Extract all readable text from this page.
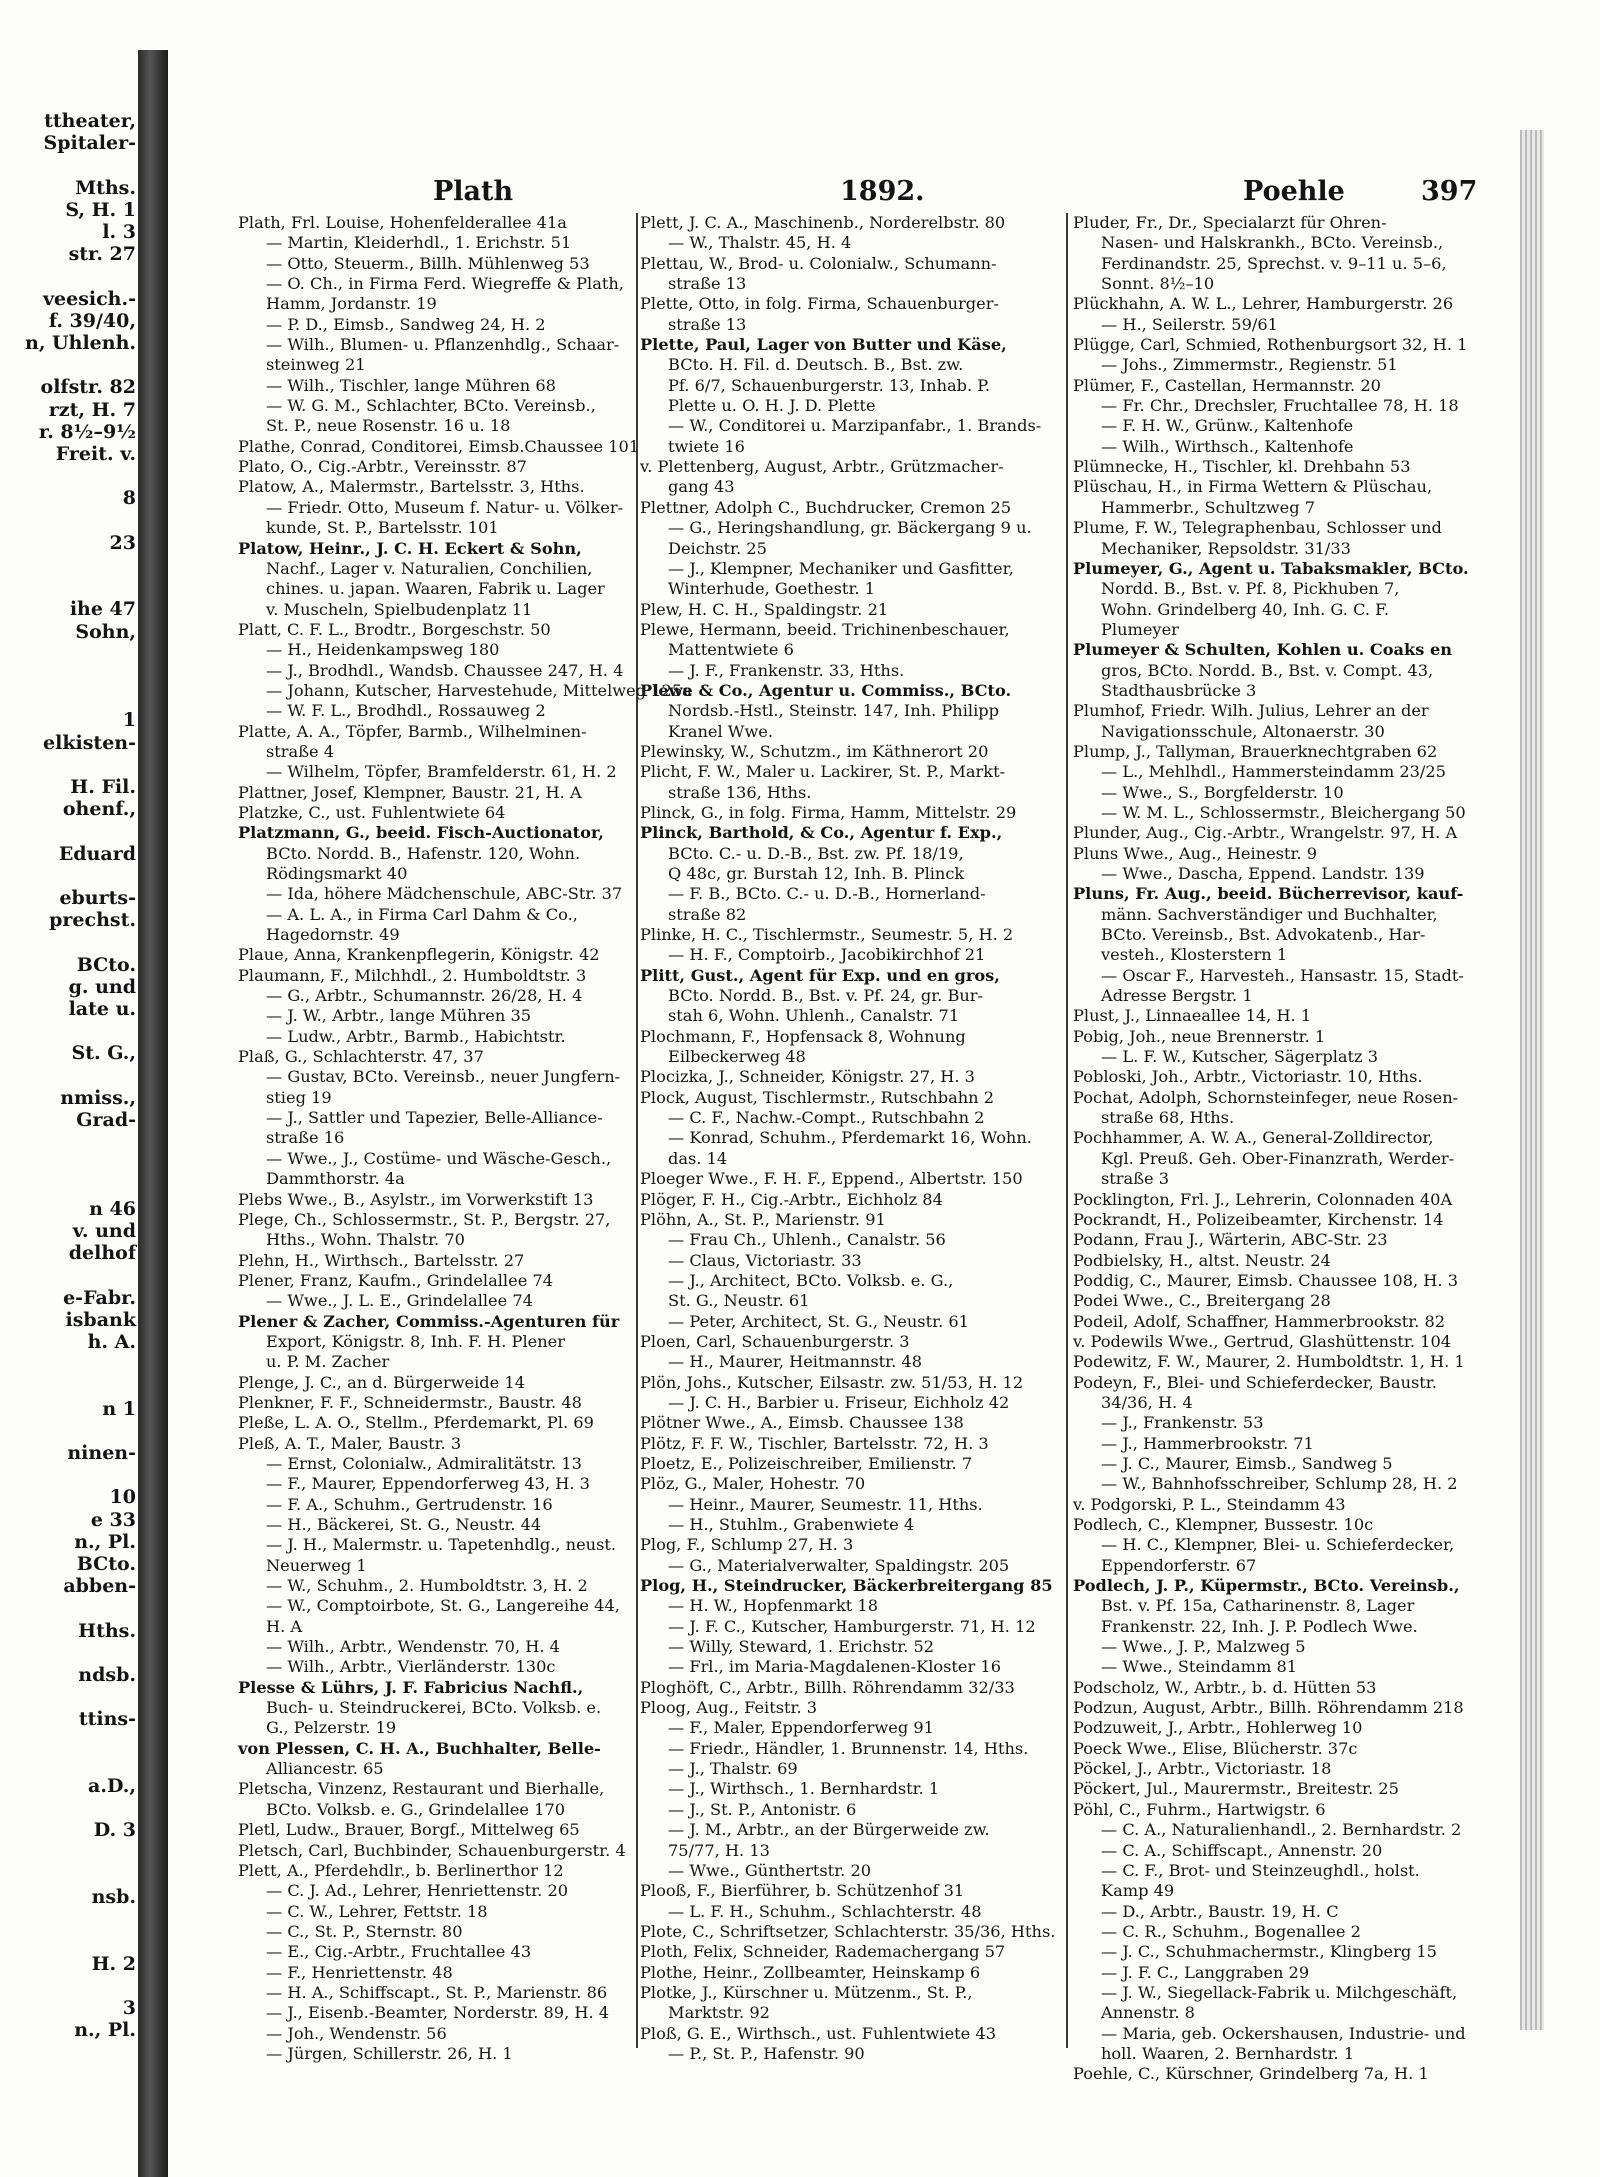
ttheater,
Spitaler-
Mths.
S, H. 1
l. 3
str. 27
veesich.-
f. 39/40,
n, Uhlenh.
olfstr. 82
rzt, H. 7
r. 8½–9½
Freit. v.
8
23
ihe 47
Sohn,
1
elkisten-
H. Fil.
ohenf.,
Eduard
eburts-
prechst.
BCto.
g. und
late u.
St. G.,
nmiss.,
Grad-
n 46
v. und
delhof
e-Fabr.
isbank
h. A.
n 1
ninen-
10
e 33
n., Pl.
BCto.
abben-
Hths.
ndsb.
ttins-
a.D.,
D. 3
nsb.
H. 2
3
n., Pl.
Plath	1892.	Poehle	397
Plath, Frl. Louise, Hohenfelderallee 41a
— Martin, Kleiderhdl., 1. Erichstr. 51
— Otto, Steuerm., Billh. Mühlenweg 53
— O. Ch., in Firma Ferd. Wiegreffe & Plath,
Hamm, Jordanstr. 19
— P. D., Eimsb., Sandweg 24, H. 2
— Wilh., Blumen- u. Pflanzenhdlg., Schaar-
steinweg 21
— Wilh., Tischler, lange Mühren 68
— W. G. M., Schlachter, BCto. Vereinsb.,
St. P., neue Rosenstr. 16 u. 18
Plathe, Conrad, Conditorei, Eimsb.Chaussee 101
Plato, O., Cig.-Arbtr., Vereinsstr. 87
Platow, A., Malermstr., Bartelsstr. 3, Hths.
— Friedr. Otto, Museum f. Natur- u. Völker-
kunde, St. P., Bartelsstr. 101
Platow, Heinr., J. C. H. Eckert & Sohn,
Nachf., Lager v. Naturalien, Conchilien,
chines. u. japan. Waaren, Fabrik u. Lager
v. Muscheln, Spielbudenplatz 11
Platt, C. F. L., Brodtr., Borgeschstr. 50
— H., Heidenkampsweg 180
— J., Brodhdl., Wandsb. Chaussee 247, H. 4
— Johann, Kutscher, Harvestehude, Mittelweg 125a
— W. F. L., Brodhdl., Rossauweg 2
Platte, A. A., Töpfer, Barmb., Wilhelminen-
straße 4
— Wilhelm, Töpfer, Bramfelderstr. 61, H. 2
Plattner, Josef, Klempner, Baustr. 21, H. A
Platzke, C., ust. Fuhlentwiete 64
Platzmann, G., beeid. Fisch-Auctionator,
BCto. Nordd. B., Hafenstr. 120, Wohn.
Rödingsmarkt 40
— Ida, höhere Mädchenschule, ABC-Str. 37
— A. L. A., in Firma Carl Dahm & Co.,
Hagedornstr. 49
Plaue, Anna, Krankenpflegerin, Königstr. 42
Plaumann, F., Milchhdl., 2. Humboldtstr. 3
— G., Arbtr., Schumannstr. 26/28, H. 4
— J. W., Arbtr., lange Mühren 35
— Ludw., Arbtr., Barmb., Habichtstr.
Plaß, G., Schlachterstr. 47, 37
— Gustav, BCto. Vereinsb., neuer Jungfern-
stieg 19
— J., Sattler und Tapezier, Belle-Alliance-
straße 16
— Wwe., J., Costüme- und Wäsche-Gesch.,
Dammthorstr. 4a
Plebs Wwe., B., Asylstr., im Vorwerkstift 13
Plege, Ch., Schlossermstr., St. P., Bergstr. 27,
Hths., Wohn. Thalstr. 70
Plehn, H., Wirthsch., Bartelsstr. 27
Plener, Franz, Kaufm., Grindelallee 74
— Wwe., J. L. E., Grindelallee 74
Plener & Zacher, Commiss.-Agenturen für
Export, Königstr. 8, Inh. F. H. Plener
u. P. M. Zacher
Plenge, J. C., an d. Bürgerweide 14
Plenkner, F. F., Schneidermstr., Baustr. 48
Pleße, L. A. O., Stellm., Pferdemarkt, Pl. 69
Pleß, A. T., Maler, Baustr. 3
— Ernst, Colonialw., Admiralitätstr. 13
— F., Maurer, Eppendorferweg 43, H. 3
— F. A., Schuhm., Gertrudenstr. 16
— H., Bäckerei, St. G., Neustr. 44
— J. H., Malermstr. u. Tapetenhdlg., neust.
Neuerweg 1
— W., Schuhm., 2. Humboldtstr. 3, H. 2
— W., Comptoirbote, St. G., Langereihe 44,
H. A
— Wilh., Arbtr., Wendenstr. 70, H. 4
— Wilh., Arbtr., Vierländerstr. 130c
Plesse & Lührs, J. F. Fabricius Nachfl.,
Buch- u. Steindruckerei, BCto. Volksb. e.
G., Pelzerstr. 19
von Plessen, C. H. A., Buchhalter, Belle-
Alliancestr. 65
Pletscha, Vinzenz, Restaurant und Bierhalle,
BCto. Volksb. e. G., Grindelallee 170
Pletl, Ludw., Brauer, Borgf., Mittelweg 65
Pletsch, Carl, Buchbinder, Schauenburgerstr. 4
Plett, A., Pferdehdlr., b. Berlinerthor 12
— C. J. Ad., Lehrer, Henriettenstr. 20
— C. W., Lehrer, Fettstr. 18
— C., St. P., Sternstr. 80
— E., Cig.-Arbtr., Fruchtallee 43
— F., Henriettenstr. 48
— H. A., Schiffscapt., St. P., Marienstr. 86
— J., Eisenb.-Beamter, Norderstr. 89, H. 4
— Joh., Wendenstr. 56
— Jürgen, Schillerstr. 26, H. 1
Plett, J. C. A., Maschinenb., Norderelbstr. 80
— W., Thalstr. 45, H. 4
Plettau, W., Brod- u. Colonialw., Schumann-
straße 13
Plette, Otto, in folg. Firma, Schauenburger-
straße 13
Plette, Paul, Lager von Butter und Käse,
BCto. H. Fil. d. Deutsch. B., Bst. zw.
Pf. 6/7, Schauenburgerstr. 13, Inhab. P.
Plette u. O. H. J. D. Plette
— W., Conditorei u. Marzipanfabr., 1. Brands-
twiete 16
v. Plettenberg, August, Arbtr., Grützmacher-
gang 43
Plettner, Adolph C., Buchdrucker, Cremon 25
— G., Heringshandlung, gr. Bäckergang 9 u.
Deichstr. 25
— J., Klempner, Mechaniker und Gasfitter,
Winterhude, Goethestr. 1
Plew, H. C. H., Spaldingstr. 21
Plewe, Hermann, beeid. Trichinenbeschauer,
Mattentwiete 6
— J. F., Frankenstr. 33, Hths.
Plewe & Co., Agentur u. Commiss., BCto.
Nordsb.-Hstl., Steinstr. 147, Inh. Philipp
Kranel Wwe.
Plewinsky, W., Schutzm., im Käthnerort 20
Plicht, F. W., Maler u. Lackirer, St. P., Markt-
straße 136, Hths.
Plinck, G., in folg. Firma, Hamm, Mittelstr. 29
Plinck, Barthold, & Co., Agentur f. Exp.,
BCto. C.- u. D.-B., Bst. zw. Pf. 18/19,
Q 48c, gr. Burstah 12, Inh. B. Plinck
— F. B., BCto. C.- u. D.-B., Hornerland-
straße 82
Plinke, H. C., Tischlermstr., Seumestr. 5, H. 2
— H. F., Comptoirb., Jacobikirchhof 21
Plitt, Gust., Agent für Exp. und en gros,
BCto. Nordd. B., Bst. v. Pf. 24, gr. Bur-
stah 6, Wohn. Uhlenh., Canalstr. 71
Plochmann, F., Hopfensack 8, Wohnung
Eilbeckerweg 48
Plocizka, J., Schneider, Königstr. 27, H. 3
Plock, August, Tischlermstr., Rutschbahn 2
— C. F., Nachw.-Compt., Rutschbahn 2
— Konrad, Schuhm., Pferdemarkt 16, Wohn.
das. 14
Ploeger Wwe., F. H. F., Eppend., Albertstr. 150
Plöger, F. H., Cig.-Arbtr., Eichholz 84
Plöhn, A., St. P., Marienstr. 91
— Frau Ch., Uhlenh., Canalstr. 56
— Claus, Victoriastr. 33
— J., Architect, BCto. Volksb. e. G.,
St. G., Neustr. 61
— Peter, Architect, St. G., Neustr. 61
Ploen, Carl, Schauenburgerstr. 3
— H., Maurer, Heitmannstr. 48
Plön, Johs., Kutscher, Eilsastr. zw. 51/53, H. 12
— J. C. H., Barbier u. Friseur, Eichholz 42
Plötner Wwe., A., Eimsb. Chaussee 138
Plötz, F. F. W., Tischler, Bartelsstr. 72, H. 3
Ploetz, E., Polizeischreiber, Emilienstr. 7
Plöz, G., Maler, Hohestr. 70
— Heinr., Maurer, Seumestr. 11, Hths.
— H., Stuhlm., Grabenwiete 4
Plog, F., Schlump 27, H. 3
— G., Materialverwalter, Spaldingstr. 205
Plog, H., Steindrucker, Bäckerbreitergang 85
— H. W., Hopfenmarkt 18
— J. F. C., Kutscher, Hamburgerstr. 71, H. 12
— Willy, Steward, 1. Erichstr. 52
— Frl., im Maria-Magdalenen-Kloster 16
Ploghöft, C., Arbtr., Billh. Röhrendamm 32/33
Ploog, Aug., Feitstr. 3
— F., Maler, Eppendorferweg 91
— Friedr., Händler, 1. Brunnenstr. 14, Hths.
— J., Thalstr. 69
— J., Wirthsch., 1. Bernhardstr. 1
— J., St. P., Antonistr. 6
— J. M., Arbtr., an der Bürgerweide zw.
75/77, H. 13
— Wwe., Günthertstr. 20
Plooß, F., Bierführer, b. Schützenhof 31
— L. F. H., Schuhm., Schlachterstr. 48
Plote, C., Schriftsetzer, Schlachterstr. 35/36, Hths.
Ploth, Felix, Schneider, Rademachergang 57
Plothe, Heinr., Zollbeamter, Heinskamp 6
Plotke, J., Kürschner u. Mützenm., St. P.,
Marktstr. 92
Ploß, G. E., Wirthsch., ust. Fuhlentwiete 43
— P., St. P., Hafenstr. 90
Pluder, Fr., Dr., Specialarzt für Ohren-
Nasen- und Halskrankh., BCto. Vereinsb.,
Ferdinandstr. 25, Sprechst. v. 9–11 u. 5–6,
Sonnt. 8½–10
Plückhahn, A. W. L., Lehrer, Hamburgerstr. 26
— H., Seilerstr. 59/61
Plügge, Carl, Schmied, Rothenburgsort 32, H. 1
— Johs., Zimmermstr., Regienstr. 51
Plümer, F., Castellan, Hermannstr. 20
— Fr. Chr., Drechsler, Fruchtallee 78, H. 18
— F. H. W., Grünw., Kaltenhofe
— Wilh., Wirthsch., Kaltenhofe
Plümnecke, H., Tischler, kl. Drehbahn 53
Plüschau, H., in Firma Wettern & Plüschau,
Hammerbr., Schultzweg 7
Plume, F. W., Telegraphenbau, Schlosser und
Mechaniker, Repsoldstr. 31/33
Plumeyer, G., Agent u. Tabaksmakler, BCto.
Nordd. B., Bst. v. Pf. 8, Pickhuben 7,
Wohn. Grindelberg 40, Inh. G. C. F.
Plumeyer
Plumeyer & Schulten, Kohlen u. Coaks en
gros, BCto. Nordd. B., Bst. v. Compt. 43,
Stadthausbrücke 3
Plumhof, Friedr. Wilh. Julius, Lehrer an der
Navigationsschule, Altonaerstr. 30
Plump, J., Tallyman, Brauerknechtgraben 62
— L., Mehlhdl., Hammersteindamm 23/25
— Wwe., S., Borgfelderstr. 10
— W. M. L., Schlossermstr., Bleichergang 50
Plunder, Aug., Cig.-Arbtr., Wrangelstr. 97, H. A
Pluns Wwe., Aug., Heinestr. 9
— Wwe., Dascha, Eppend. Landstr. 139
Pluns, Fr. Aug., beeid. Bücherrevisor, kauf-
männ. Sachverständiger und Buchhalter,
BCto. Vereinsb., Bst. Advokatenb., Har-
vesteh., Klosterstern 1
— Oscar F., Harvesteh., Hansastr. 15, Stadt-
Adresse Bergstr. 1
Plust, J., Linnaeallee 14, H. 1
Pobig, Joh., neue Brennerstr. 1
— L. F. W., Kutscher, Sägerplatz 3
Pobloski, Joh., Arbtr., Victoriastr. 10, Hths.
Pochat, Adolph, Schornsteinfeger, neue Rosen-
straße 68, Hths.
Pochhammer, A. W. A., General-Zolldirector,
Kgl. Preuß. Geh. Ober-Finanzrath, Werder-
straße 3
Pocklington, Frl. J., Lehrerin, Colonnaden 40A
Pockrandt, H., Polizeibeamter, Kirchenstr. 14
Podann, Frau J., Wärterin, ABC-Str. 23
Podbielsky, H., altst. Neustr. 24
Poddig, C., Maurer, Eimsb. Chaussee 108, H. 3
Podei Wwe., C., Breitergang 28
Podeil, Adolf, Schaffner, Hammerbrookstr. 82
v. Podewils Wwe., Gertrud, Glashüttenstr. 104
Podewitz, F. W., Maurer, 2. Humboldtstr. 1, H. 1
Podeyn, F., Blei- und Schieferdecker, Baustr.
34/36, H. 4
— J., Frankenstr. 53
— J., Hammerbrookstr. 71
— J. C., Maurer, Eimsb., Sandweg 5
— W., Bahnhofsschreiber, Schlump 28, H. 2
v. Podgorski, P. L., Steindamm 43
Podlech, C., Klempner, Bussestr. 10c
— H. C., Klempner, Blei- u. Schieferdecker,
Eppendorferstr. 67
Podlech, J. P., Küpermstr., BCto. Vereinsb.,
Bst. v. Pf. 15a, Catharinenstr. 8, Lager
Frankenstr. 22, Inh. J. P. Podlech Wwe.
— Wwe., J. P., Malzweg 5
— Wwe., Steindamm 81
Podscholz, W., Arbtr., b. d. Hütten 53
Podzun, August, Arbtr., Billh. Röhrendamm 218
Podzuweit, J., Arbtr., Hohlerweg 10
Poeck Wwe., Elise, Blücherstr. 37c
Pöckel, J., Arbtr., Victoriastr. 18
Pöckert, Jul., Maurermstr., Breitestr. 25
Pöhl, C., Fuhrm., Hartwigstr. 6
— C. A., Naturalienhandl., 2. Bernhardstr. 2
— C. A., Schiffscapt., Annenstr. 20
— C. F., Brot- und Steinzeughdl., holst.
Kamp 49
— D., Arbtr., Baustr. 19, H. C
— C. R., Schuhm., Bogenallee 2
— J. C., Schuhmachermstr., Klingberg 15
— J. F. C., Langgraben 29
— J. W., Siegellack-Fabrik u. Milchgeschäft,
Annenstr. 8
— Maria, geb. Ockershausen, Industrie- und
holl. Waaren, 2. Bernhardstr. 1
Poehle, C., Kürschner, Grindelberg 7a, H. 1
